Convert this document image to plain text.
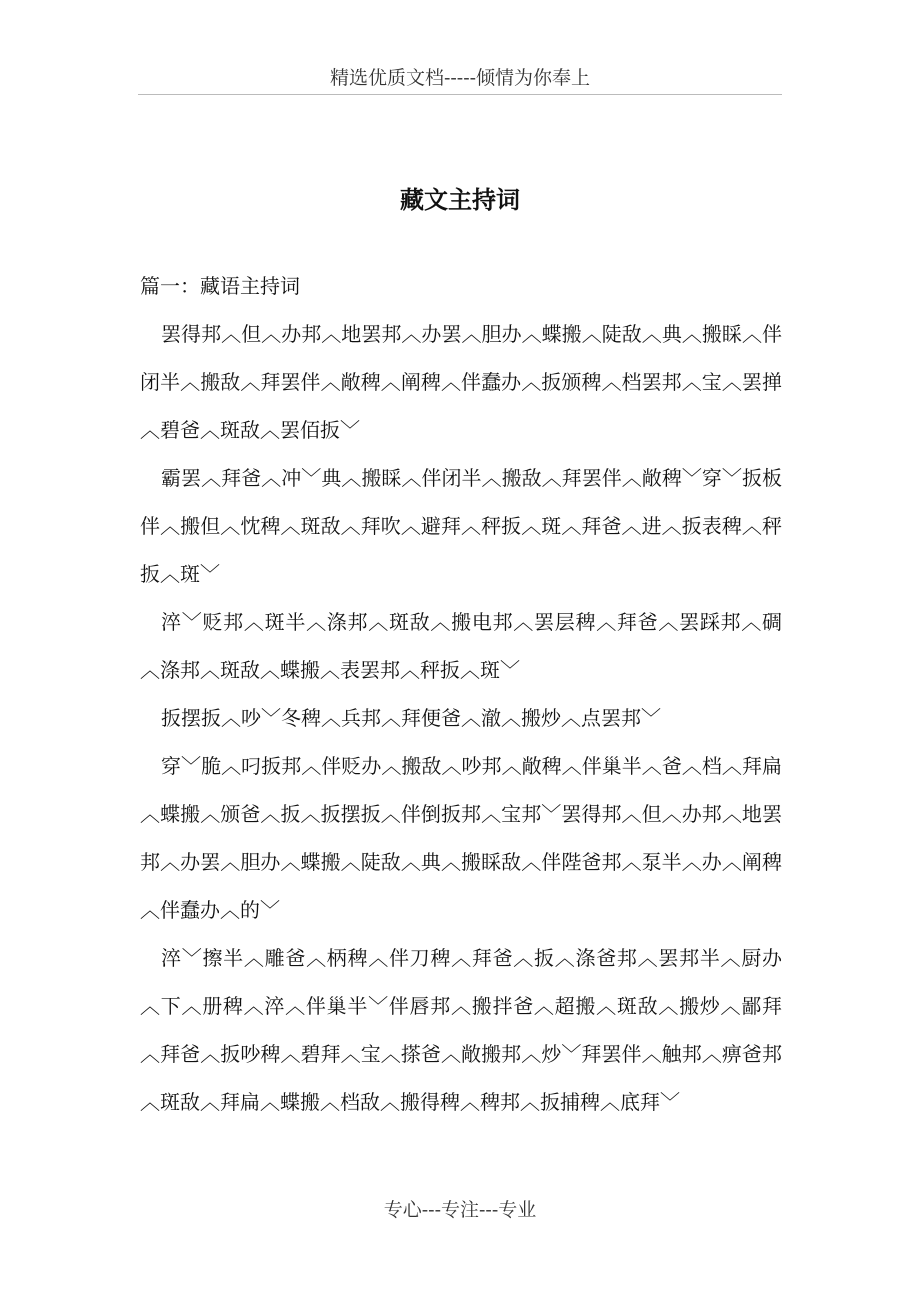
精选优质文档-----倾情为你奉上
藏文主持词

篇一：藏语主持词

罢得邦︿但︿办邦︿地罢邦︿办罢︿胆办︿蝶搬︿陡敌︿典︿搬睬︿伴闭半︿搬敌︿拜罢伴︿敞稗︿阐稗︿伴蠢办︿扳颁稗︿档罢邦︿宝︿罢掸︿碧爸︿斑敌︿罢佰扳﹀

霸罢︿拜爸︿冲﹀典︿搬睬︿伴闭半︿搬敌︿拜罢伴︿敞稗﹀穿﹀扳板伴︿搬但︿忱稗︿斑敌︿拜吹︿避拜︿秤扳︿斑︿拜爸︿进︿扳表稗︿秤扳︿斑﹀

淬﹀贬邦︿斑半︿涤邦︿斑敌︿搬电邦︿罢层稗︿拜爸︿罢踩邦︿碉︿涤邦︿斑敌︿蝶搬︿表罢邦︿秤扳︿斑﹀

扳摆扳︿吵﹀冬稗︿兵邦︿拜便爸︿澈︿搬炒︿点罢邦﹀

穿﹀脆︿叼扳邦︿伴贬办︿搬敌︿吵邦︿敞稗︿伴巢半︿爸︿档︿拜扁︿蝶搬︿颁爸︿扳︿扳摆扳︿伴倒扳邦︿宝邦﹀罢得邦︿但︿办邦︿地罢邦︿办罢︿胆办︿蝶搬︿陡敌︿典︿搬睬敌︿伴陛爸邦︿泵半︿办︿阐稗︿伴蠢办︿的﹀

淬﹀擦半︿雕爸︿柄稗︿伴刀稗︿拜爸︿扳︿涤爸邦︿罢邦半︿厨办︿下︿册稗︿淬︿伴巢半﹀伴唇邦︿搬拌爸︿超搬︿斑敌︿搬炒︿鄙拜︿拜爸︿扳吵稗︿碧拜︿宝︿搽爸︿敞搬邦︿炒﹀拜罢伴︿触邦︿痹爸邦︿斑敌︿拜扁︿蝶搬︿档敌︿搬得稗︿稗邦︿扳捕稗︿底拜﹀

专心---专注---专业
